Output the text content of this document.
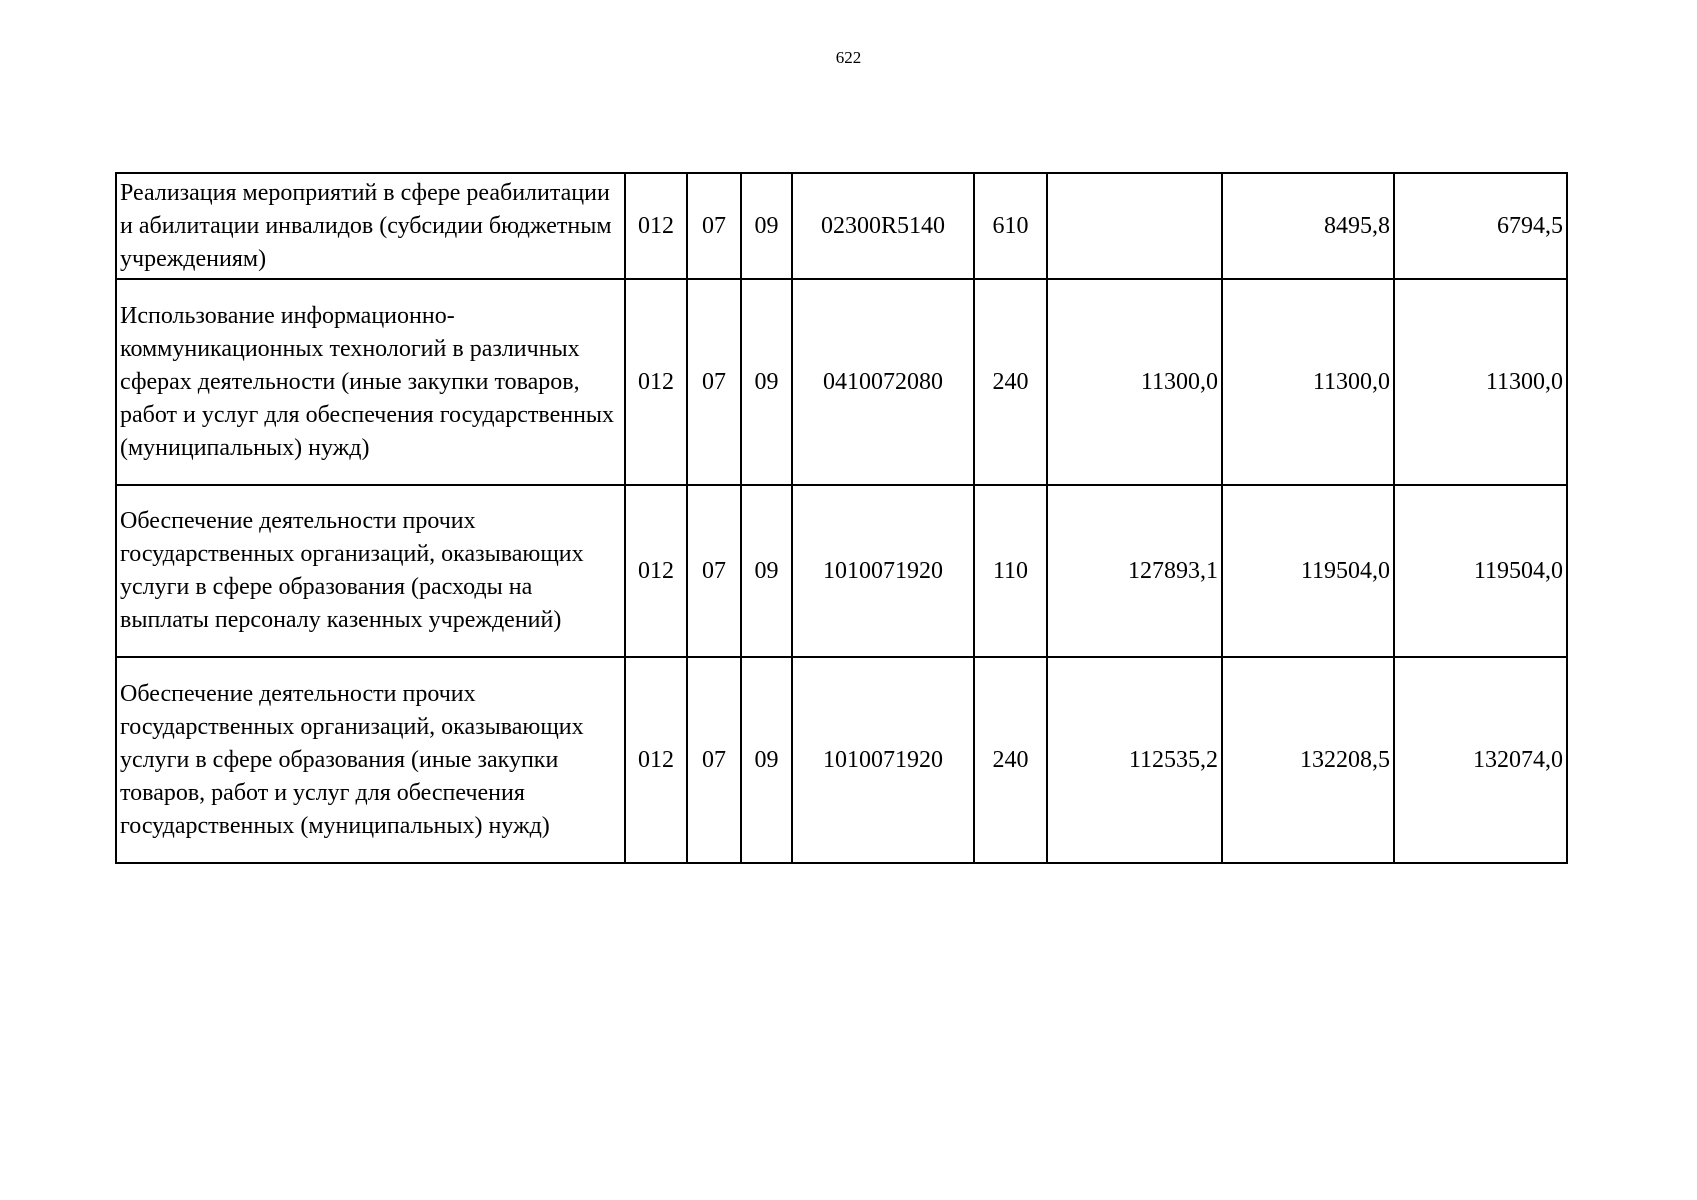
622
Реализация мероприятий в сфере реабилитации и абилитации инвалидов (субсидии бюджетным учреждениям)	012	07	09	02300R5140	610		8495,8	6794,5
Использование информационно-коммуникационных технологий в различных сферах деятельности (иные закупки товаров, работ и услуг для обеспечения государственных (муниципальных) нужд)	012	07	09	0410072080	240	11300,0	11300,0	11300,0
Обеспечение деятельности прочих государственных организаций, оказывающих услуги в сфере образования (расходы на выплаты персоналу казенных учреждений)	012	07	09	1010071920	110	127893,1	119504,0	119504,0
Обеспечение деятельности прочих государственных организаций, оказывающих услуги в сфере образования (иные закупки товаров, работ и услуг для обеспечения государственных (муниципальных) нужд)	012	07	09	1010071920	240	112535,2	132208,5	132074,0
